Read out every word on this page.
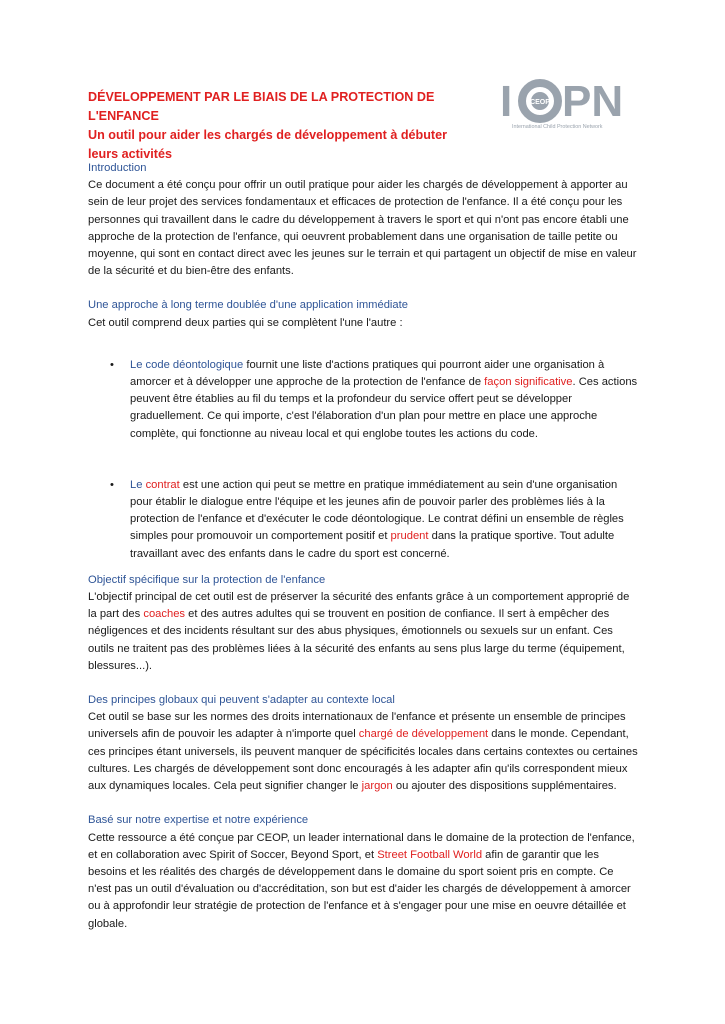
DÉVELOPPEMENT PAR LE BIAIS DE LA PROTECTION DE L'ENFANCE
Un outil pour aider les chargés de développement à débuter leurs activités
I	CEOP PN
International Child Protection Network
Introduction

Ce document a été conçu pour offrir un outil pratique pour aider les chargés de développement à apporter au sein de leur projet des services fondamentaux et efficaces de protection de l'enfance. Il a été conçu pour les personnes qui travaillent dans le cadre du développement à travers le sport et qui n'ont pas encore établi une approche de la protection de l'enfance, qui oeuvrent probablement dans une organisation de taille petite ou moyenne, qui sont en contact direct avec les jeunes sur le terrain et qui partagent un objectif de mise en valeur de la sécurité et du bien-être des enfants.

Une approche à long terme doublée d'une application immédiate

Cet outil comprend deux parties qui se complètent l'une l'autre :

• Le code déontologique fournit une liste d'actions pratiques qui pourront aider une organisation à amorcer et à développer une approche de la protection de l'enfance de façon significative. Ces actions peuvent être établies au fil du temps et la profondeur du service offert peut se développer graduellement. Ce qui importe, c'est l'élaboration d'un plan pour mettre en place une approche complète, qui fonctionne au niveau local et qui englobe toutes les actions du code.
• Le contrat est une action qui peut se mettre en pratique immédiatement au sein d'une organisation pour établir le dialogue entre l'équipe et les jeunes afin de pouvoir parler des problèmes liés à la protection de l'enfance et d'exécuter le code déontologique. Le contrat défini un ensemble de règles simples pour promouvoir un comportement positif et prudent dans la pratique sportive. Tout adulte travaillant avec des enfants dans le cadre du sport est concerné.
Objectif spécifique sur la protection de l'enfance

L'objectif principal de cet outil est de préserver la sécurité des enfants grâce à un comportement approprié de la part des coaches et des autres adultes qui se trouvent en position de confiance. Il sert à empêcher des négligences et des incidents résultant sur des abus physiques, émotionnels ou sexuels sur un enfant. Ces outils ne traitent pas des problèmes liées à la sécurité des enfants au sens plus large du terme (équipement, blessures...).

Des principes globaux qui peuvent s'adapter au contexte local

Cet outil se base sur les normes des droits internationaux de l'enfance et présente un ensemble de principes universels afin de pouvoir les adapter à n'importe quel chargé de développement dans le monde. Cependant, ces principes étant universels, ils peuvent manquer de spécificités locales dans certains contextes ou certaines cultures. Les chargés de développement sont donc encouragés à les adapter afin qu'ils correspondent mieux aux dynamiques locales. Cela peut signifier changer le jargon ou ajouter des dispositions supplémentaires.

Basé sur notre expertise et notre expérience

Cette ressource a été conçue par CEOP, un leader international dans le domaine de la protection de l'enfance, et en collaboration avec Spirit of Soccer, Beyond Sport, et Street Football World afin de garantir que les besoins et les réalités des chargés de développement dans le domaine du sport soient pris en compte. Ce n'est pas un outil d'évaluation ou d'accréditation, son but est d'aider les chargés de développement à amorcer ou à approfondir leur stratégie de protection de l'enfance et à s'engager pour une mise en oeuvre détaillée et globale.
